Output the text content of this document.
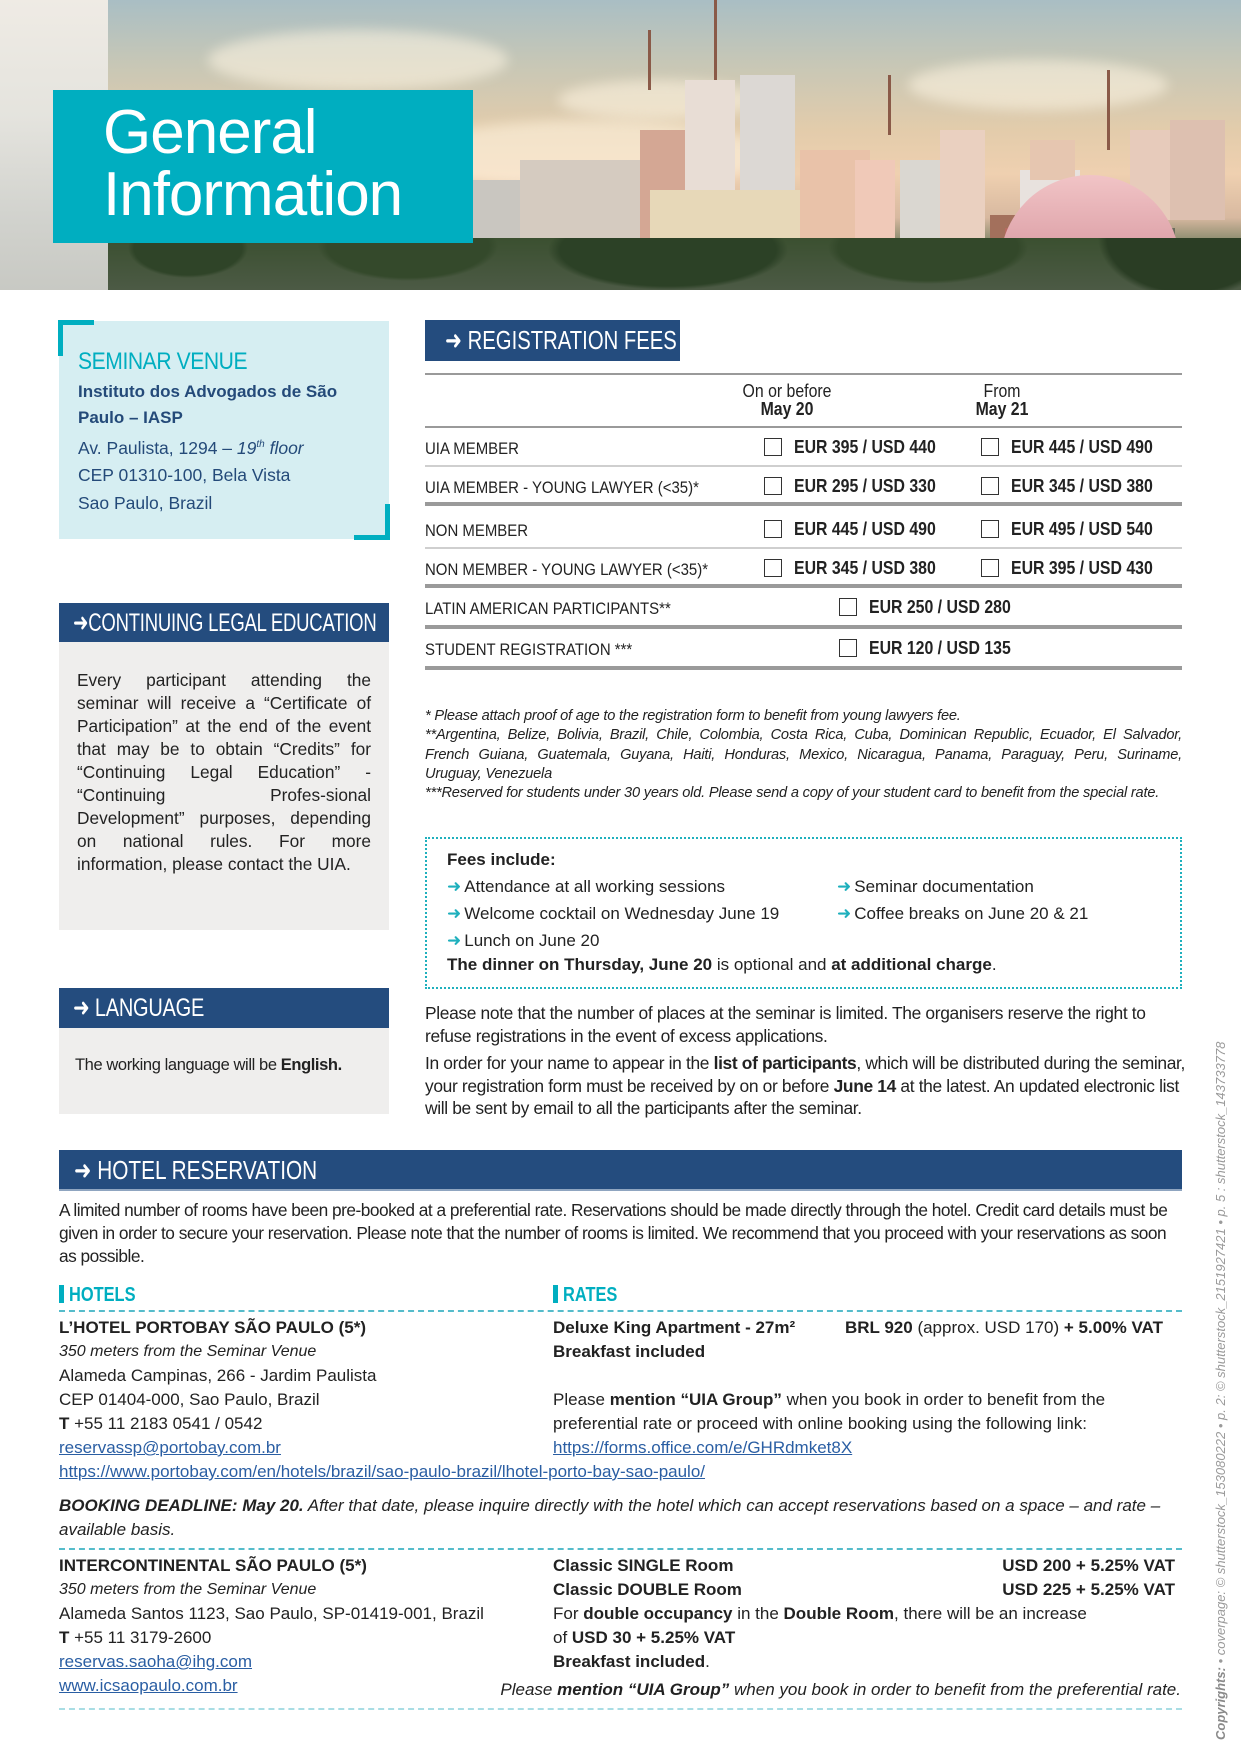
General
Information
SEMINAR VENUE
Instituto dos Advogados de São Paulo – IASP
Av. Paulista, 1294 – 19th floor
CEP 01310-100, Bela Vista
Sao Paulo, Brazil
➜CONTINUING LEGAL EDUCATION
Every participant attending the seminar will receive a “Certificate of Participation” at the end of the event that may be to obtain “Credits” for “Continuing Legal Education” - “Continuing Profes-sional Development” purposes, depending on national rules. For more information, please contact the UIA.
➜ LANGUAGE
The working language will be English.
➜ REGISTRATION FEES
On or before
May 20
From
May 21
UIA MEMBER	EUR 395 / USD 440	EUR 445 / USD 490
UIA MEMBER - YOUNG LAWYER (<35)*	EUR 295 / USD 330	EUR 345 / USD 380
NON MEMBER	EUR 445 / USD 490	EUR 495 / USD 540
NON MEMBER - YOUNG LAWYER (<35)*	EUR 345 / USD 380	EUR 395 / USD 430
LATIN AMERICAN PARTICIPANTS**	EUR 250 / USD 280
STUDENT REGISTRATION ***	EUR 120 / USD 135
* Please attach proof of age to the registration form to benefit from young lawyers fee.
**Argentina, Belize, Bolivia, Brazil, Chile, Colombia, Costa Rica, Cuba, Dominican Republic, Ecuador, El Salvador, French Guiana, Guatemala, Guyana, Haiti, Honduras, Mexico, Nicaragua, Panama, Paraguay, Peru, Suriname, Uruguay, Venezuela
***Reserved for students under 30 years old. Please send a copy of your student card to benefit from the special rate.
Fees include:
➜ Attendance at all working sessions	➜ Seminar documentation
➜ Welcome cocktail on Wednesday June 19	➜ Coffee breaks on June 20 & 21
➜ Lunch on June 20
The dinner on Thursday, June 20 is optional and at additional charge.
Please note that the number of places at the seminar is limited. The organisers reserve the right to refuse registrations in the event of excess applications.
In order for your name to appear in the list of participants, which will be distributed during the seminar, your registration form must be received by on or before June 14 at the latest. An updated electronic list will be sent by email to all the participants after the seminar.
➜ HOTEL RESERVATION
A limited number of rooms have been pre-booked at a preferential rate. Reservations should be made directly through the hotel. Credit card details must be given in order to secure your reservation. Please note that the number of rooms is limited. We recommend that you proceed with your reservations as soon as possible.
HOTELS	RATES
L’HOTEL PORTOBAY SÃO PAULO (5*)
350 meters from the Seminar Venue
Alameda Campinas, 266 - Jardim Paulista
CEP 01404-000, Sao Paulo, Brazil
T +55 11 2183 0541 / 0542
reservassp@portobay.com.br
https://www.portobay.com/en/hotels/brazil/sao-paulo-brazil/lhotel-porto-bay-sao-paulo/
Deluxe King Apartment - 27m²	BRL 920 (approx. USD 170) + 5.00% VAT
Breakfast included
Please mention “UIA Group” when you book in order to benefit from the preferential rate or proceed with online booking using the following link:
https://forms.office.com/e/GHRdmket8X
BOOKING DEADLINE: May 20. After that date, please inquire directly with the hotel which can accept reservations based on a space – and rate – available basis.
INTERCONTINENTAL SÃO PAULO (5*)
350 meters from the Seminar Venue
Alameda Santos 1123, Sao Paulo, SP-01419-001, Brazil
T +55 11 3179-2600
reservas.saoha@ihg.com
www.icsaopaulo.com.br
Classic SINGLE Room	USD 200 + 5.25% VAT
Classic DOUBLE Room	USD 225 + 5.25% VAT
For double occupancy in the Double Room, there will be an increase
of USD 30 + 5.25% VAT
Breakfast included.
Please mention “UIA Group” when you book in order to benefit from the preferential rate. Copyrights: • coverpage: © shutterstock_153080222 • p. 2: © shutterstock_2151927421 • p. 5 : shutterstock_143733778
